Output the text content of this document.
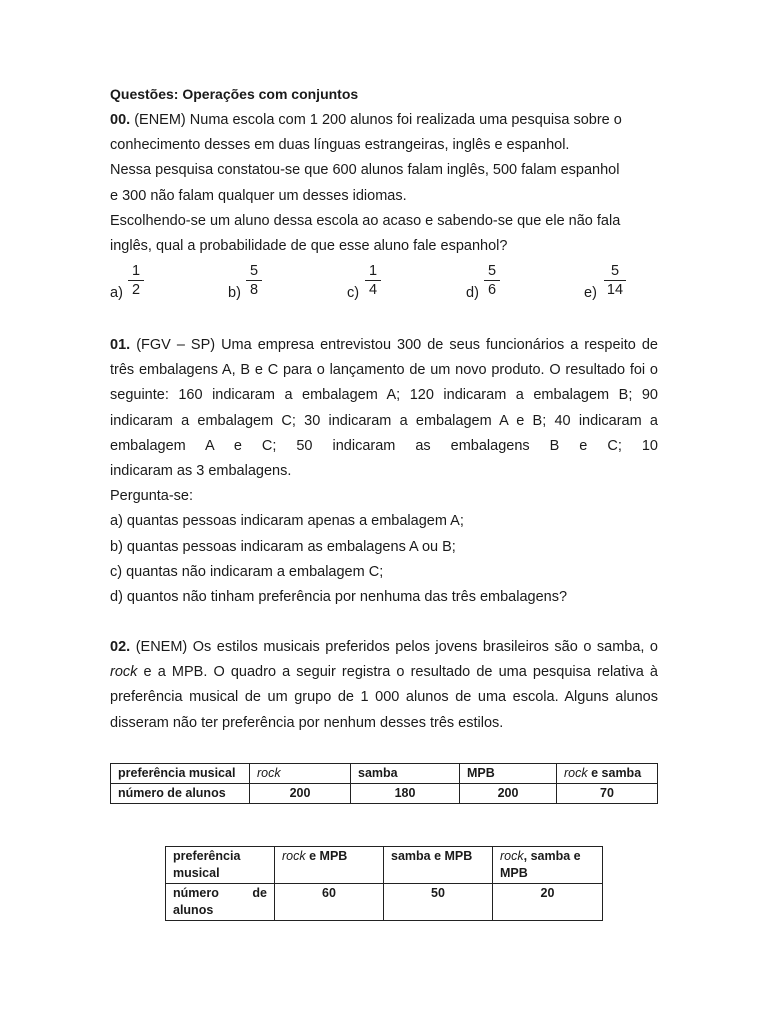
Questões: Operações com conjuntos
00. (ENEM) Numa escola com 1 200 alunos foi realizada uma pesquisa sobre o
conhecimento desses em duas línguas estrangeiras, inglês e espanhol.
Nessa pesquisa constatou-se que 600 alunos falam inglês, 500 falam espanhol
e 300 não falam qualquer um desses idiomas.
Escolhendo-se um aluno dessa escola ao acaso e sabendo-se que ele não fala
inglês, qual a probabilidade de que esse aluno fale espanhol?
$a) \frac{1}{2}$	$b) \frac{5}{8}$	$c) \frac{1}{4}$	$d) \frac{5}{6}$	$e) \frac{5}{14}$
01. (FGV – SP) Uma empresa entrevistou 300 de seus funcionários a respeito de três embalagens A, B e C para o lançamento de um novo produto. O resultado foi o seguinte: 160 indicaram a embalagem A; 120 indicaram a embalagem B; 90 indicaram a embalagem C; 30 indicaram a embalagem A e B; 40 indicaram a embalagem A e C; 50 indicaram as embalagens B e C; 10
indicaram as 3 embalagens.
Pergunta-se:
a) quantas pessoas indicaram apenas a embalagem A;
b) quantas pessoas indicaram as embalagens A ou B;
c) quantas não indicaram a embalagem C;
d) quantos não tinham preferência por nenhuma das três embalagens?
02. (ENEM) Os estilos musicais preferidos pelos jovens brasileiros são o samba, o rock e a MPB. O quadro a seguir registra o resultado de uma pesquisa relativa à preferência musical de um grupo de 1 000 alunos de uma escola. Alguns alunos disseram não ter preferência por nenhum desses três estilos.
preferência musical	rock	samba	MPB	rock e samba
número de alunos	200	180	200	70
preferência musical	rock e MPB	samba e MPB	rock, samba e MPB

número de
alunos	60	50	20
